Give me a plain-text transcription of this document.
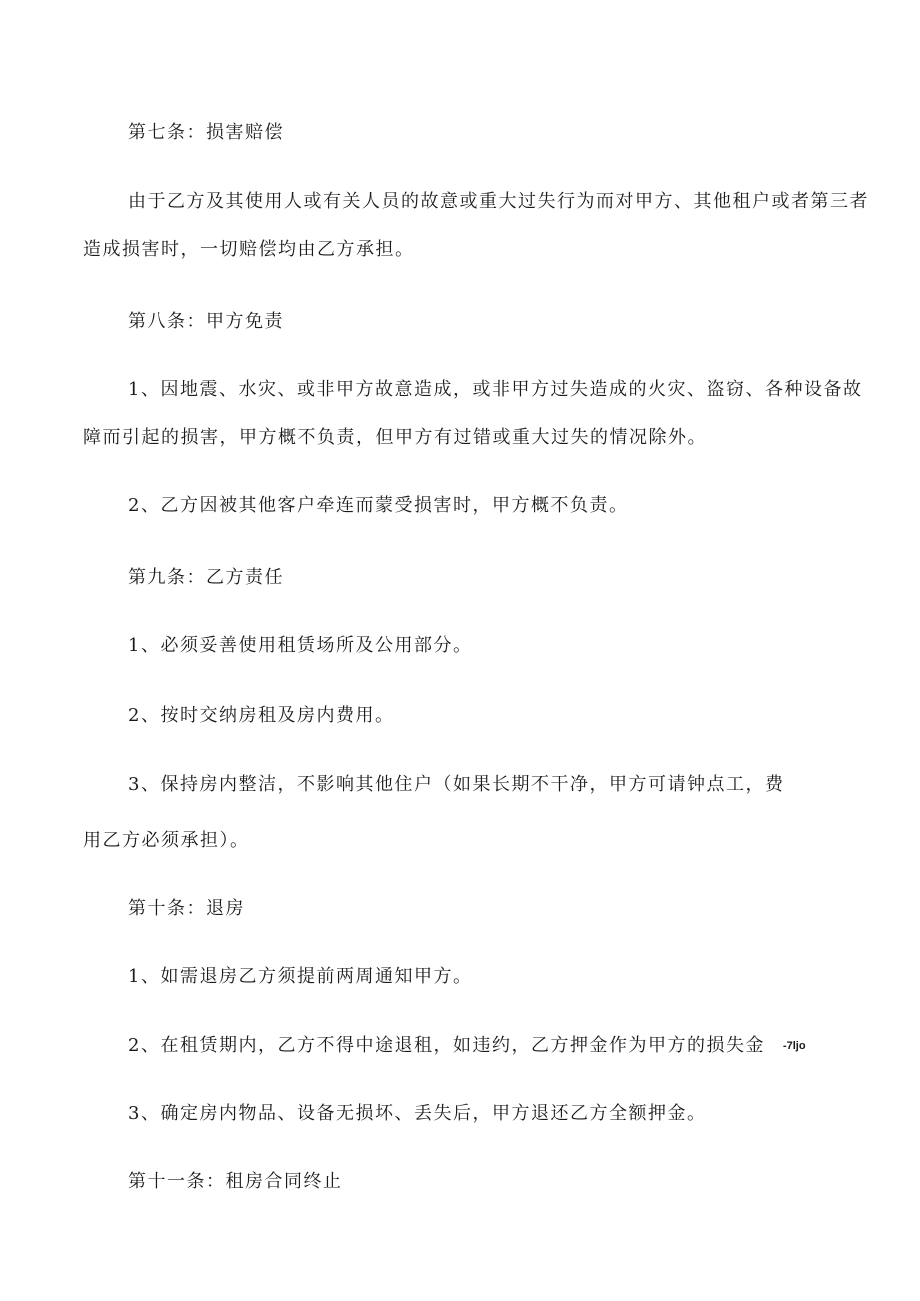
第七条：损害赔偿

由于乙方及其使用人或有关人员的故意或重大过失行为而对甲方、其他租户或者第三者

造成损害时，一切赔偿均由乙方承担。

第八条：甲方免责

1、因地震、水灾、或非甲方故意造成，或非甲方过失造成的火灾、盗窃、各种设备故

障而引起的损害，甲方概不负责，但甲方有过错或重大过失的情况除外。

2、乙方因被其他客户牵连而蒙受损害时，甲方概不负责。

第九条：乙方责任

1、必须妥善使用租赁场所及公用部分。

2、按时交纳房租及房内费用。

3、保持房内整洁，不影响其他住户（如果长期不干净，甲方可请钟点工，费

用乙方必须承担）。

第十条：退房

1、如需退房乙方须提前两周通知甲方。

2、在租赁期内，乙方不得中途退租，如违约，乙方押金作为甲方的损失金 -7ljo

3、确定房内物品、设备无损坏、丢失后，甲方退还乙方全额押金。

第十一条：租房合同终止
